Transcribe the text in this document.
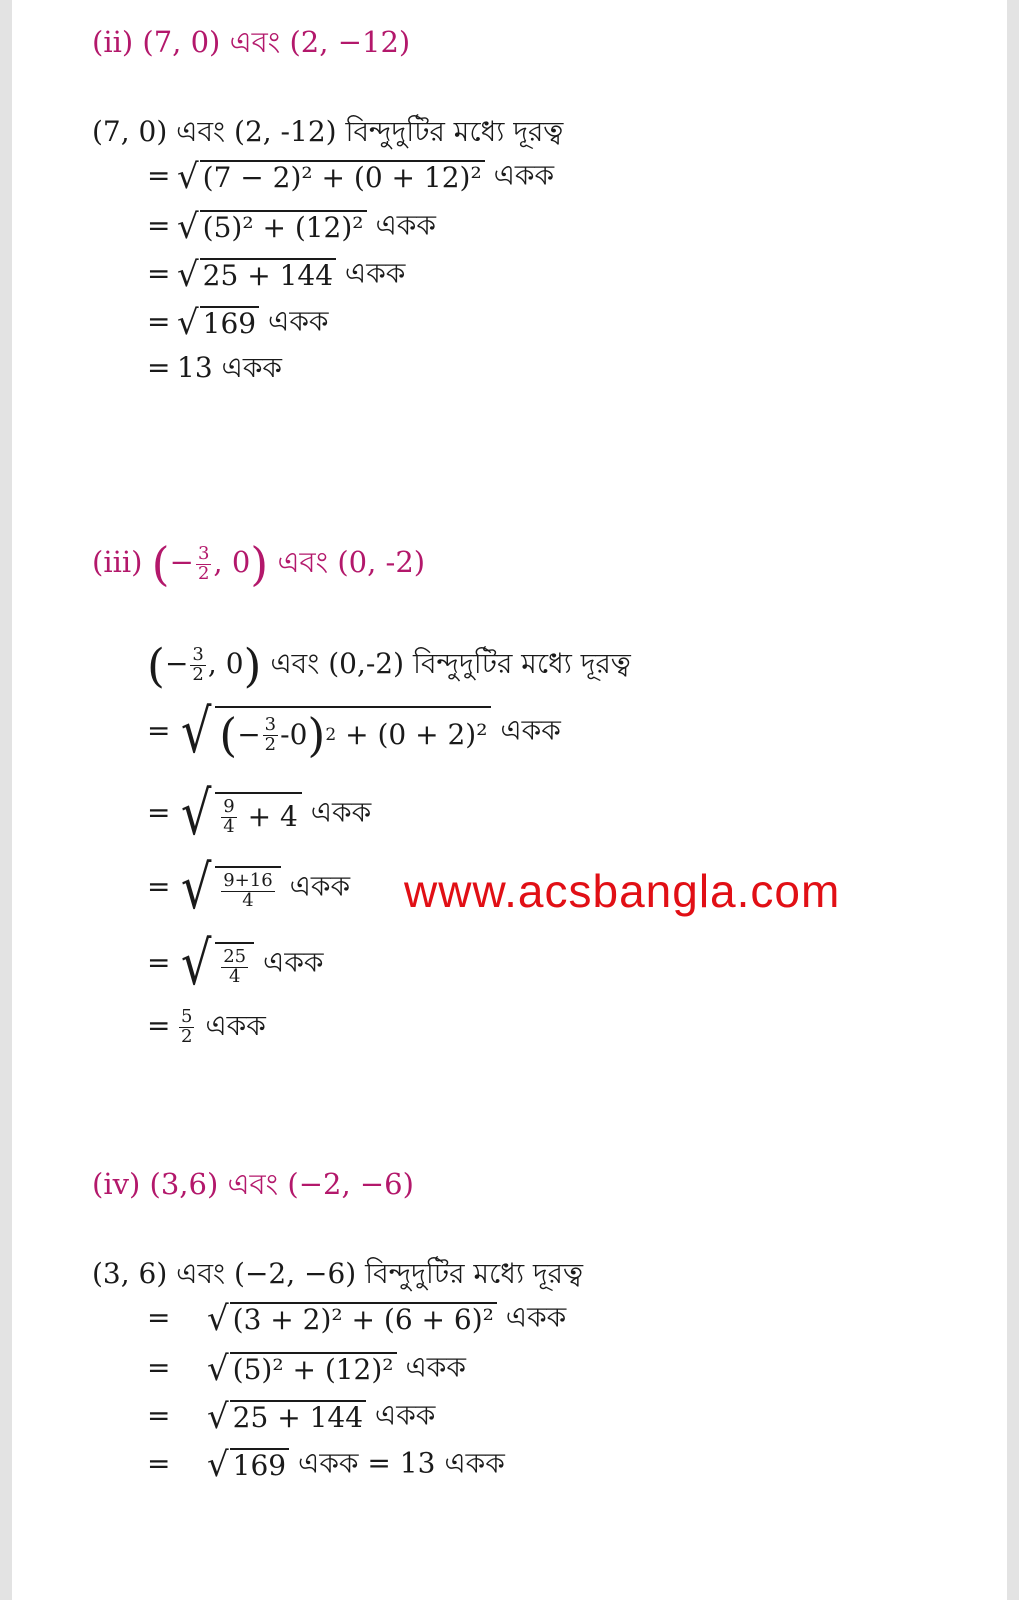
(ii) (7, 0) এবং (2, −12)
(7, 0) এবং (2, -12) বিন্দুদুটির মধ্যে দূরত্ব
= √ (7 − 2)² + (0 + 12)² একক
= √ (5)² + (12)² একক
= √ 25 + 144 একক
= √ 169 একক
= 13 একক
(iii) (− $\frac{3}{2}$ , 0) এবং (0, -2)
(− $\frac{3}{2}$ , 0) এবং (0,-2) বিন্দুদুটির মধ্যে দূরত্ব
= √ ( − $\frac{3}{2} - 0$ ) 2
+ (0 + 2)² একক
= √ $\frac{9}{4}$
+ 4 একক
= √ $\frac{9+16}{4}$ একক
= √ $\frac{25}{4}$ একক
= $\frac{5}{2}$ একক
www.acsbangla.com
(iv) (3,6) এবং (−2, −6)
(3, 6) এবং (−2, −6) বিন্দুদুটির মধ্যে দূরত্ব
= √ (3 + 2)² + (6 + 6)² একক
= √ (5)² + (12)² একক
= √ 25 + 144 একক
= √ 169 একক = 13 একক
